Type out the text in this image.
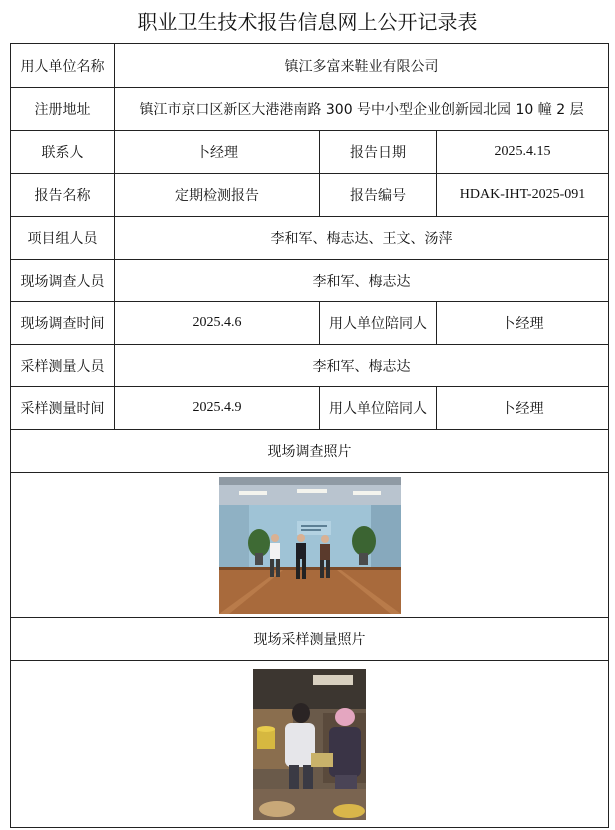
职业卫生技术报告信息网上公开记录表
用人单位名称	镇江多富来鞋业有限公司		
注册地址	镇江市京口区新区大港港南路 300 号中小型企业创新园北园 10 幢 2 层		
联系人	卜经理	报告日期	2025.4.15
报告名称	定期检测报告	报告编号	HDAK-IHT-2025-091
项目组人员	李和军、梅志达、王文、汤萍		
现场调查人员	李和军、梅志达		
现场调查时间	2025.4.6	用人单位陪同人	卜经理
采样测量人员	李和军、梅志达		
采样测量时间	2025.4.9	用人单位陪同人	卜经理
现场调查照片			

现场采样测量照片			
